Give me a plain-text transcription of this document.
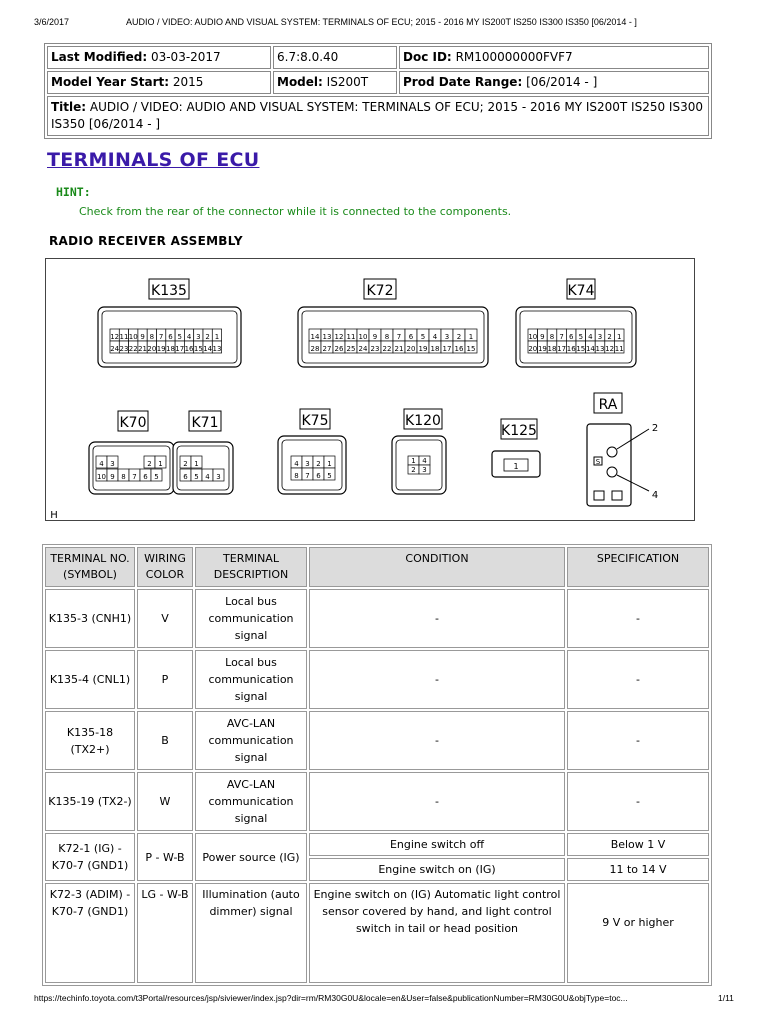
3/6/2017	AUDIO / VIDEO: AUDIO AND VISUAL SYSTEM: TERMINALS OF ECU; 2015 - 2016 MY IS200T IS250 IS300 IS350 [06/2014 - ]
Last Modified: 03-03-2017	6.7:8.0.40	Doc ID: RM100000000FVF7
Model Year Start: 2015	Model: IS200T	Prod Date Range: [06/2014 - ]
Title: AUDIO / VIDEO: AUDIO AND VISUAL SYSTEM: TERMINALS OF ECU; 2015 - 2016 MY IS200T IS250 IS300 IS350 [06/2014 - ]		
TERMINALS OF ECU
HINT:
Check from the rear of the connector while it is connected to the components.
RADIO RECEIVER ASSEMBLY
K135
12 11 10 9 8 7 6 5 4 3 2 1
24 23 22 21 20 19 18 17 16 15 14 13
K72
14 13 12 11 10 9 8 7 6 5 4 3 2 1
28 27 26 25 24 23 22 21 20 19 18 17 16 15
K74
10 9 8 7 6 5 4 3 2 1
20 19 18 17 16 15 14 13 12 11
K70	K71
4 3	2 1
10 9 8 7 6 5
2 1
6 5 4 3
K75
4 3 2 1
8 7 6 5
K120
1 4
2 3
K125
1
RA
S
2
4
H
TERMINAL NO. (SYMBOL)	WIRING COLOR	TERMINAL DESCRIPTION	CONDITION	SPECIFICATION
K135-3 (CNH1)	V	Local bus communication signal	-	-
K135-4 (CNL1)	P	Local bus communication signal	-	-
K135-18 (TX2+)	B	AVC-LAN communication signal	-	-
K135-19 (TX2-)	W	AVC-LAN communication signal	-	-
K72-1 (IG) - K70-7 (GND1)	P - W-B	Power source (IG)	Engine switch off	Below 1 V
			Engine switch on (IG)	11 to 14 V
K72-3 (ADIM) - K70-7 (GND1)	LG - W-B	Illumination (auto dimmer) signal	Engine switch on (IG) Automatic light control sensor covered by hand, and light control switch in tail or head position	9 V or higher
https://techinfo.toyota.com/t3Portal/resources/jsp/siviewer/index.jsp?dir=rm/RM30G0U&locale=en&User=false&publicationNumber=RM30G0U&objType=toc...	1/11
